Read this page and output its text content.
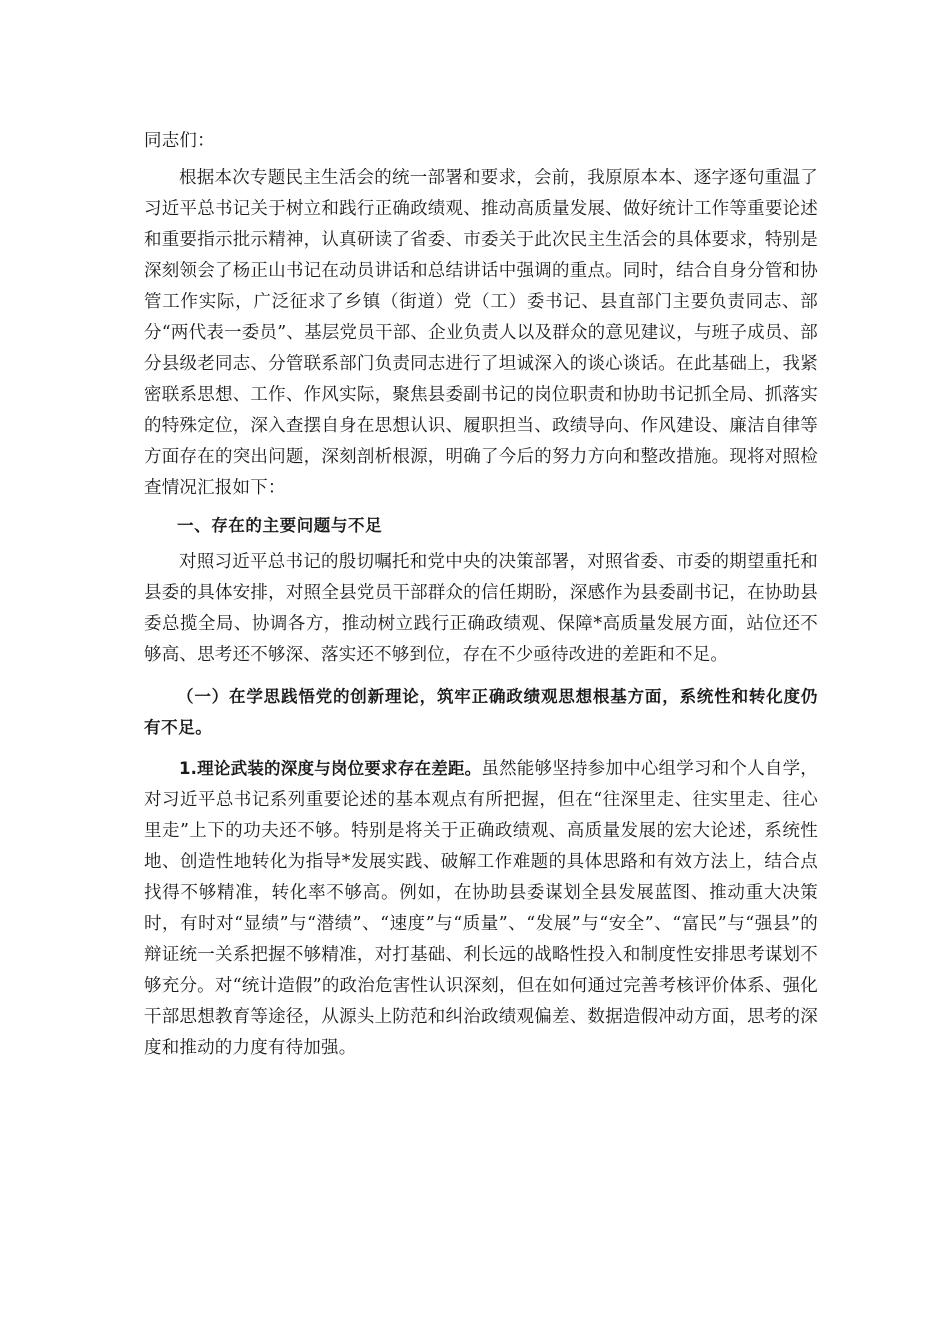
同志们：

根据本次专题民主生活会的统一部署和要求，会前，我原原本本、逐字逐句重温了习近平总书记关于树立和践行正确政绩观、推动高质量发展、做好统计工作等重要论述和重要指示批示精神，认真研读了省委、市委关于此次民主生活会的具体要求，特别是深刻领会了杨正山书记在动员讲话和总结讲话中强调的重点。同时，结合自身分管和协管工作实际，广泛征求了乡镇（街道）党（工）委书记、县直部门主要负责同志、部分“两代表一委员”、基层党员干部、企业负责人以及群众的意见建议，与班子成员、部分县级老同志、分管联系部门负责同志进行了坦诚深入的谈心谈话。在此基础上，我紧密联系思想、工作、作风实际，聚焦县委副书记的岗位职责和协助书记抓全局、抓落实的特殊定位，深入查摆自身在思想认识、履职担当、政绩导向、作风建设、廉洁自律等方面存在的突出问题，深刻剖析根源，明确了今后的努力方向和整改措施。现将对照检查情况汇报如下：

一、存在的主要问题与不足

对照习近平总书记的殷切嘱托和党中央的决策部署，对照省委、市委的期望重托和县委的具体安排，对照全县党员干部群众的信任期盼，深感作为县委副书记，在协助县委总揽全局、协调各方，推动树立践行正确政绩观、保障*高质量发展方面，站位还不够高、思考还不够深、落实还不够到位，存在不少亟待改进的差距和不足。

（一）在学思践悟党的创新理论，筑牢正确政绩观思想根基方面，系统性和转化度仍有不足。

1.理论武装的深度与岗位要求存在差距。虽然能够坚持参加中心组学习和个人自学，对习近平总书记系列重要论述的基本观点有所把握，但在“往深里走、往实里走、往心里走”上下的功夫还不够。特别是将关于正确政绩观、高质量发展的宏大论述，系统性地、创造性地转化为指导*发展实践、破解工作难题的具体思路和有效方法上，结合点找得不够精准，转化率不够高。例如，在协助县委谋划全县发展蓝图、推动重大决策时，有时对“显绩”与“潜绩”、“速度”与“质量”、“发展”与“安全”、“富民”与“强县”的辩证统一关系把握不够精准，对打基础、利长远的战略性投入和制度性安排思考谋划不够充分。对“统计造假”的政治危害性认识深刻，但在如何通过完善考核评价体系、强化干部思想教育等途径，从源头上防范和纠治政绩观偏差、数据造假冲动方面，思考的深度和推动的力度有待加强。
